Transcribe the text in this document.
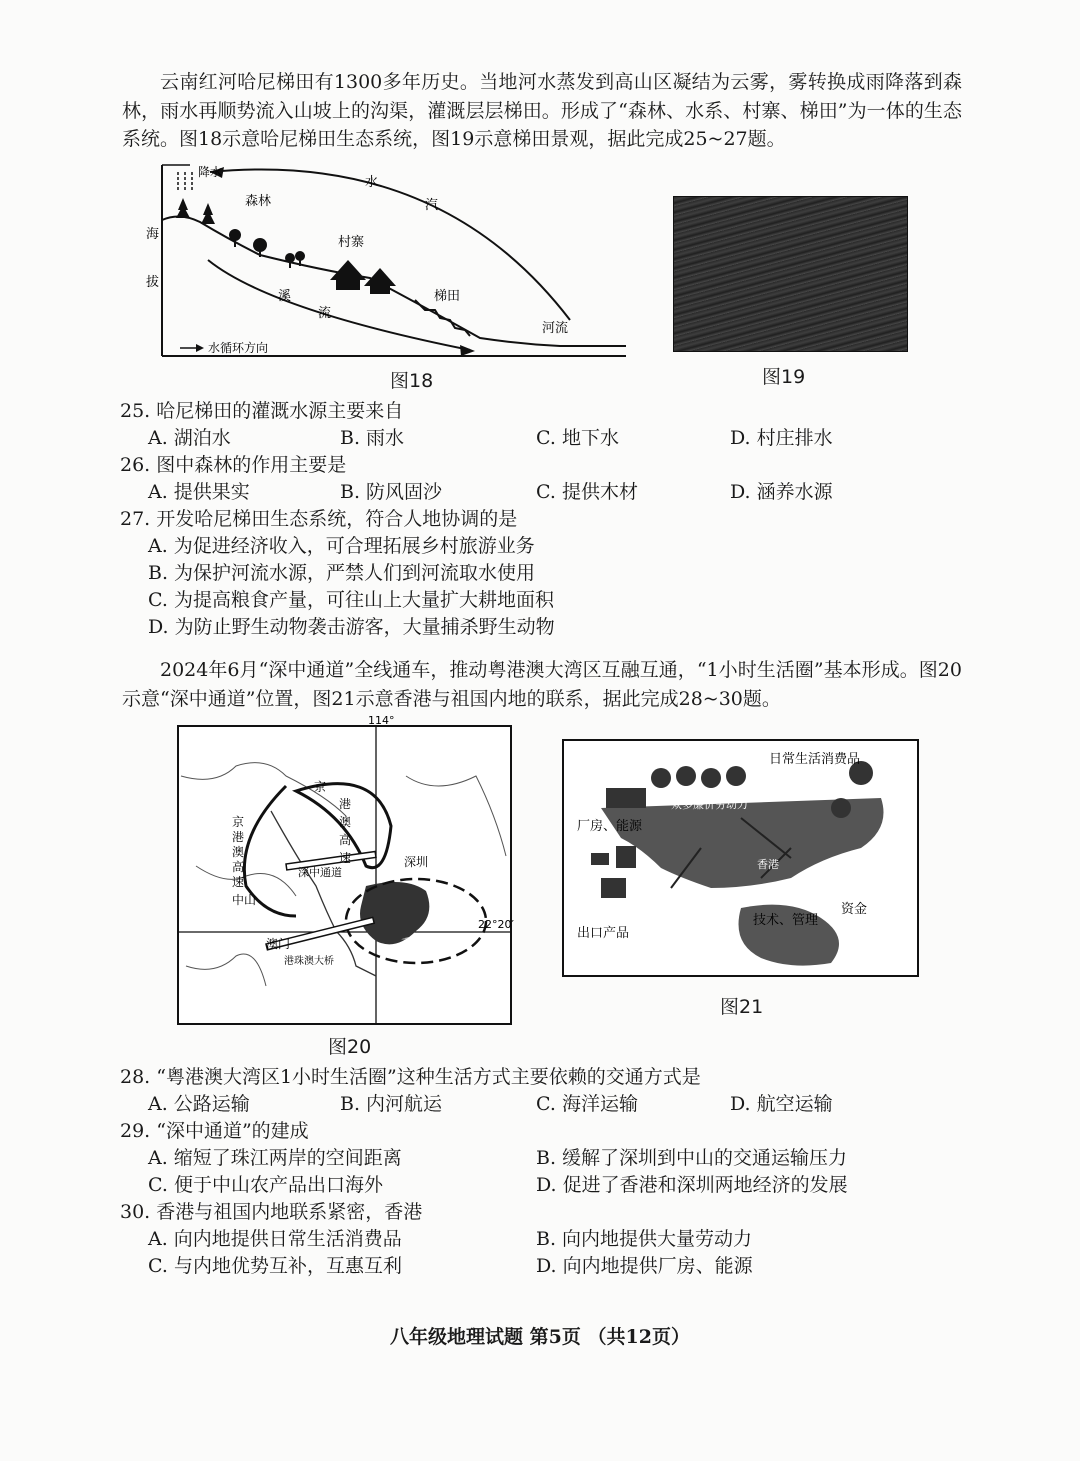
云南红河哈尼梯田有1300多年历史。当地河水蒸发到高山区凝结为云雾，雾转换成雨降落到森林，雨水再顺势流入山坡上的沟渠，灌溉层层梯田。形成了“森林、水系、村寨、梯田”为一体的生态系统。图18示意哈尼梯田生态系统，图19示意梯田景观，据此完成25~27题。
降水
森林
水
汽
村寨
梯田
溪
流
河流
海
拔
水循环方向
图18	图19
25. 哈尼梯田的灌溉水源主要来自
A. 湖泊水	B. 雨水	C. 地下水	D. 村庄排水
26. 图中森林的作用主要是
A. 提供果实	B. 防风固沙	C. 提供木材	D. 涵养水源
27. 开发哈尼梯田生态系统，符合人地协调的是
A. 为促进经济收入，可合理拓展乡村旅游业务
B. 为保护河流水源，严禁人们到河流取水使用
C. 为提高粮食产量，可往山上大量扩大耕地面积
D. 为防止野生动物袭击游客，大量捕杀野生动物
2024年6月“深中通道”全线通车，推动粤港澳大湾区互融互通，“1小时生活圈”基本形成。图20示意“深中通道”位置，图21示意香港与祖国内地的联系，据此完成28~30题。
114°
22°20′
京
港
澳
高
速
京
港
澳
高
速
深圳
中山
澳门
深中通道
港珠澳大桥
香港
图20
日常生活消费品
众多廉价劳动力
厂房、能源
出口产品
技术、管理
资金
香港
图21
28. “粤港澳大湾区1小时生活圈”这种生活方式主要依赖的交通方式是
A. 公路运输	B. 内河航运	C. 海洋运输	D. 航空运输
29. “深中通道”的建成
A. 缩短了珠江两岸的空间距离	B. 缓解了深圳到中山的交通运输压力
C. 便于中山农产品出口海外	D. 促进了香港和深圳两地经济的发展
30. 香港与祖国内地联系紧密，香港
A. 向内地提供日常生活消费品	B. 向内地提供大量劳动力
C. 与内地优势互补，互惠互利	D. 向内地提供厂房、能源
八年级地理试题 第5页 （共12页）
